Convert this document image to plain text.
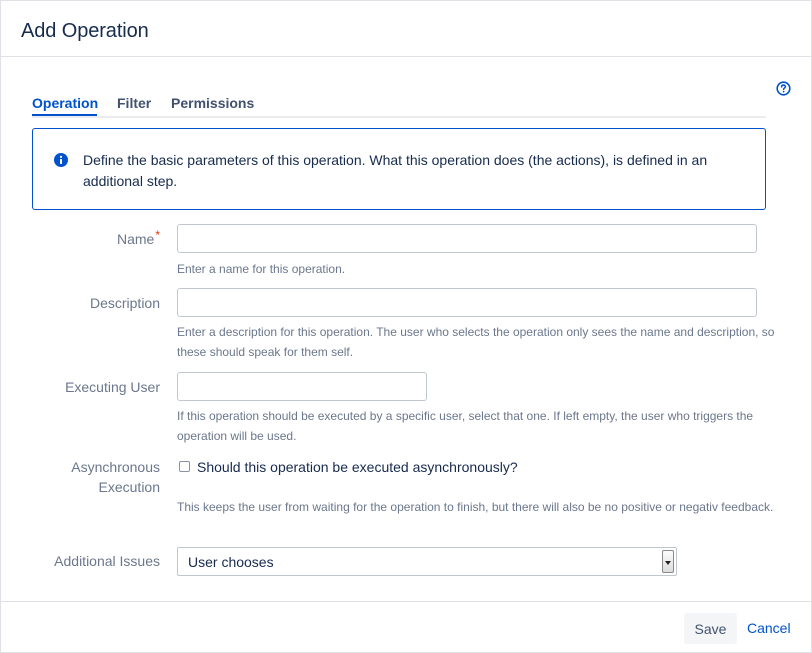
Add Operation
Operation Filter Permissions

Define the basic parameters of this operation. What this operation does (the actions), is defined in an additional step.

Name*
Enter a name for this operation.
Description
Enter a description for this operation. The user who selects the operation only sees the name and description, so these should speak for them self.
Executing User
If this operation should be executed by a specific user, select that one. If left empty, the user who triggers the operation will be used.
Asynchronous
Execution
Should this operation be executed asynchronously?
This keeps the user from waiting for the operation to finish, but there will also be no positive or negativ feedback.
Additional Issues User chooses
Save	Cancel
